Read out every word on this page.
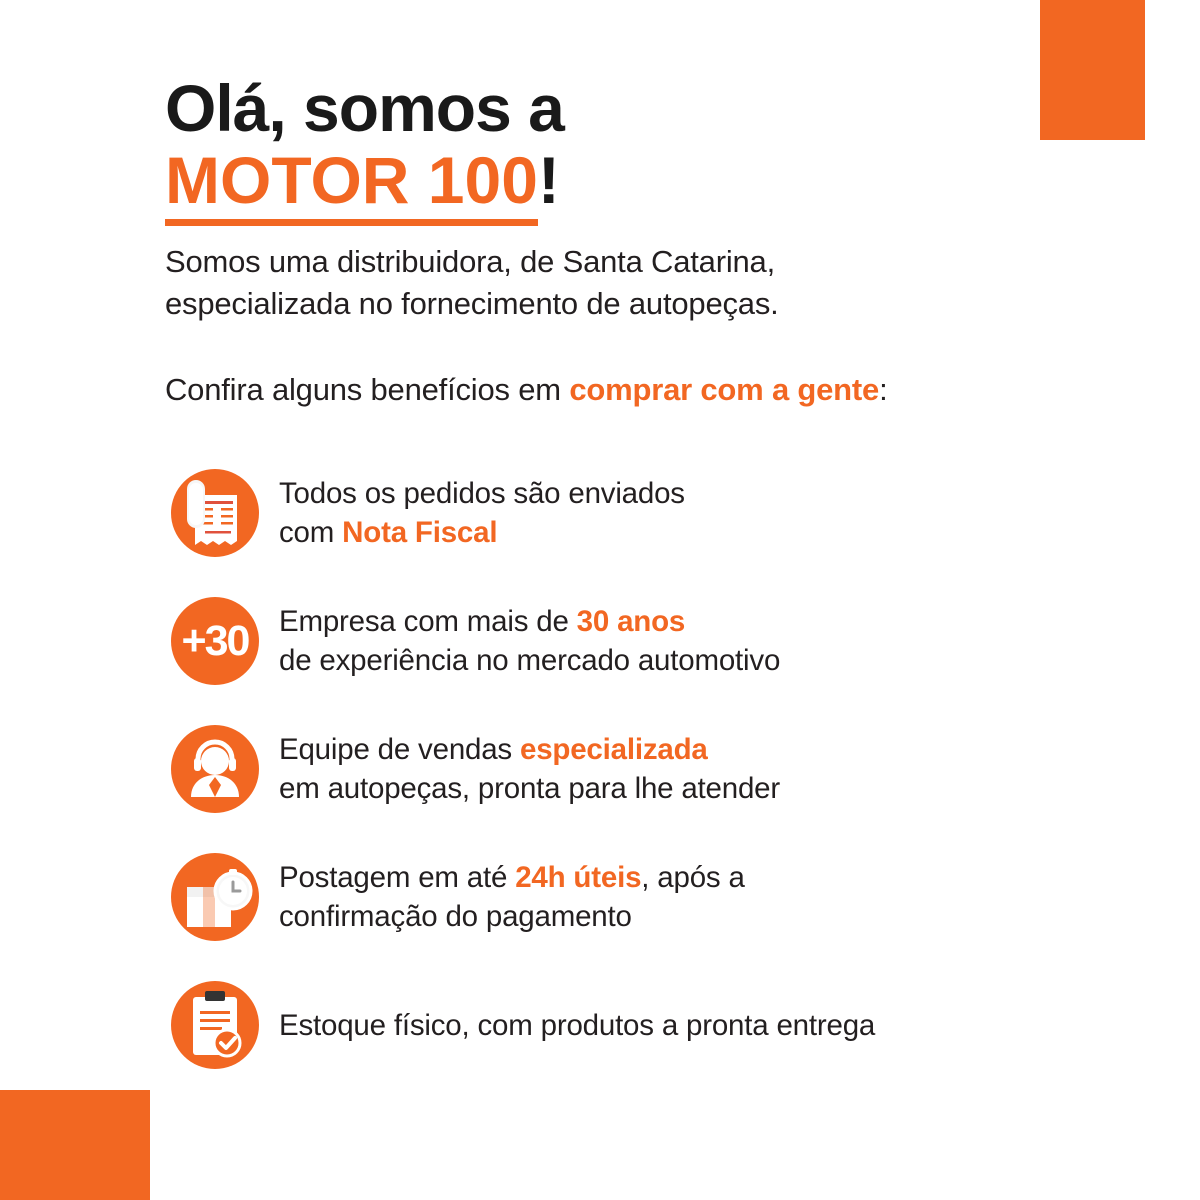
Olá, somos a
MOTOR 100!

Somos uma distribuidora, de Santa Catarina,
especializada no fornecimento de autopeças.

Confira alguns benefícios em comprar com a gente:

Todos os pedidos são enviados
com Nota Fiscal
+30	Empresa com mais de 30 anos
de experiência no mercado automotivo
Equipe de vendas especializada
em autopeças, pronta para lhe atender
Postagem em até 24h úteis, após a
confirmação do pagamento
Estoque físico, com produtos a pronta entrega
